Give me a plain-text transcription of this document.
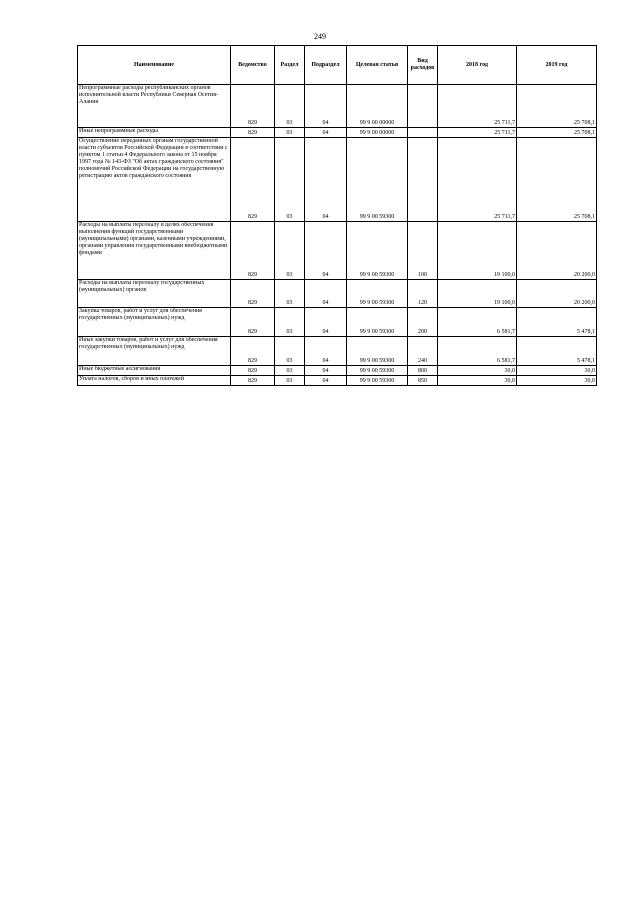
249
Наименование	Ведомство	Раздел	Подраздел	Целевая статья	Вид расходов	2018 год	2019 год
Непрограммные расходы республиканских органов исполнительной власти Республики Северная Осетия-Алания	829	03	04	99 9 00 00000		25 711,7	25 708,1
Иные непрограммные расходы	829	03	04	99 9 00 00000		25 711,7	25 708,1
Осуществление переданных органам государственной власти субъектов Российской Федерации в соответствии с пунктом 1 статьи 4 Федерального закона от 15 ноября 1997 года № 143-ФЗ "Об актах гражданского состояния" полномочий Российской Федерации на государственную регистрацию актов гражданского состояния	829	03	04	99 9 00 59300		25 711,7	25 708,1
Расходы на выплаты персоналу в целях обеспечения выполнения функций государственными (муниципальными) органами, казенными учреждениями, органами управления государственными внебюджетными фондами	829	03	04	99 9 00 59300	100	19 100,0	20 200,0
Расходы на выплаты персоналу государственных (муниципальных) органов	829	03	04	99 9 00 59300	120	19 100,0	20 200,0
Закупка товаров, работ и услуг для обеспечения государственных (муниципальных) нужд	829	03	04	99 9 00 59300	200	6 581,7	5 478,1
Иные закупки товаров, работ и услуг для обеспечения государственных (муниципальных) нужд	829	03	04	99 9 00 59300	240	6 581,7	5 478,1
Иные бюджетные ассигнования	829	03	04	99 9 00 59300	800	30,0	30,0
Уплата налогов, сборов и иных платежей	829	03	04	99 9 00 59300	850	30,0	30,0
